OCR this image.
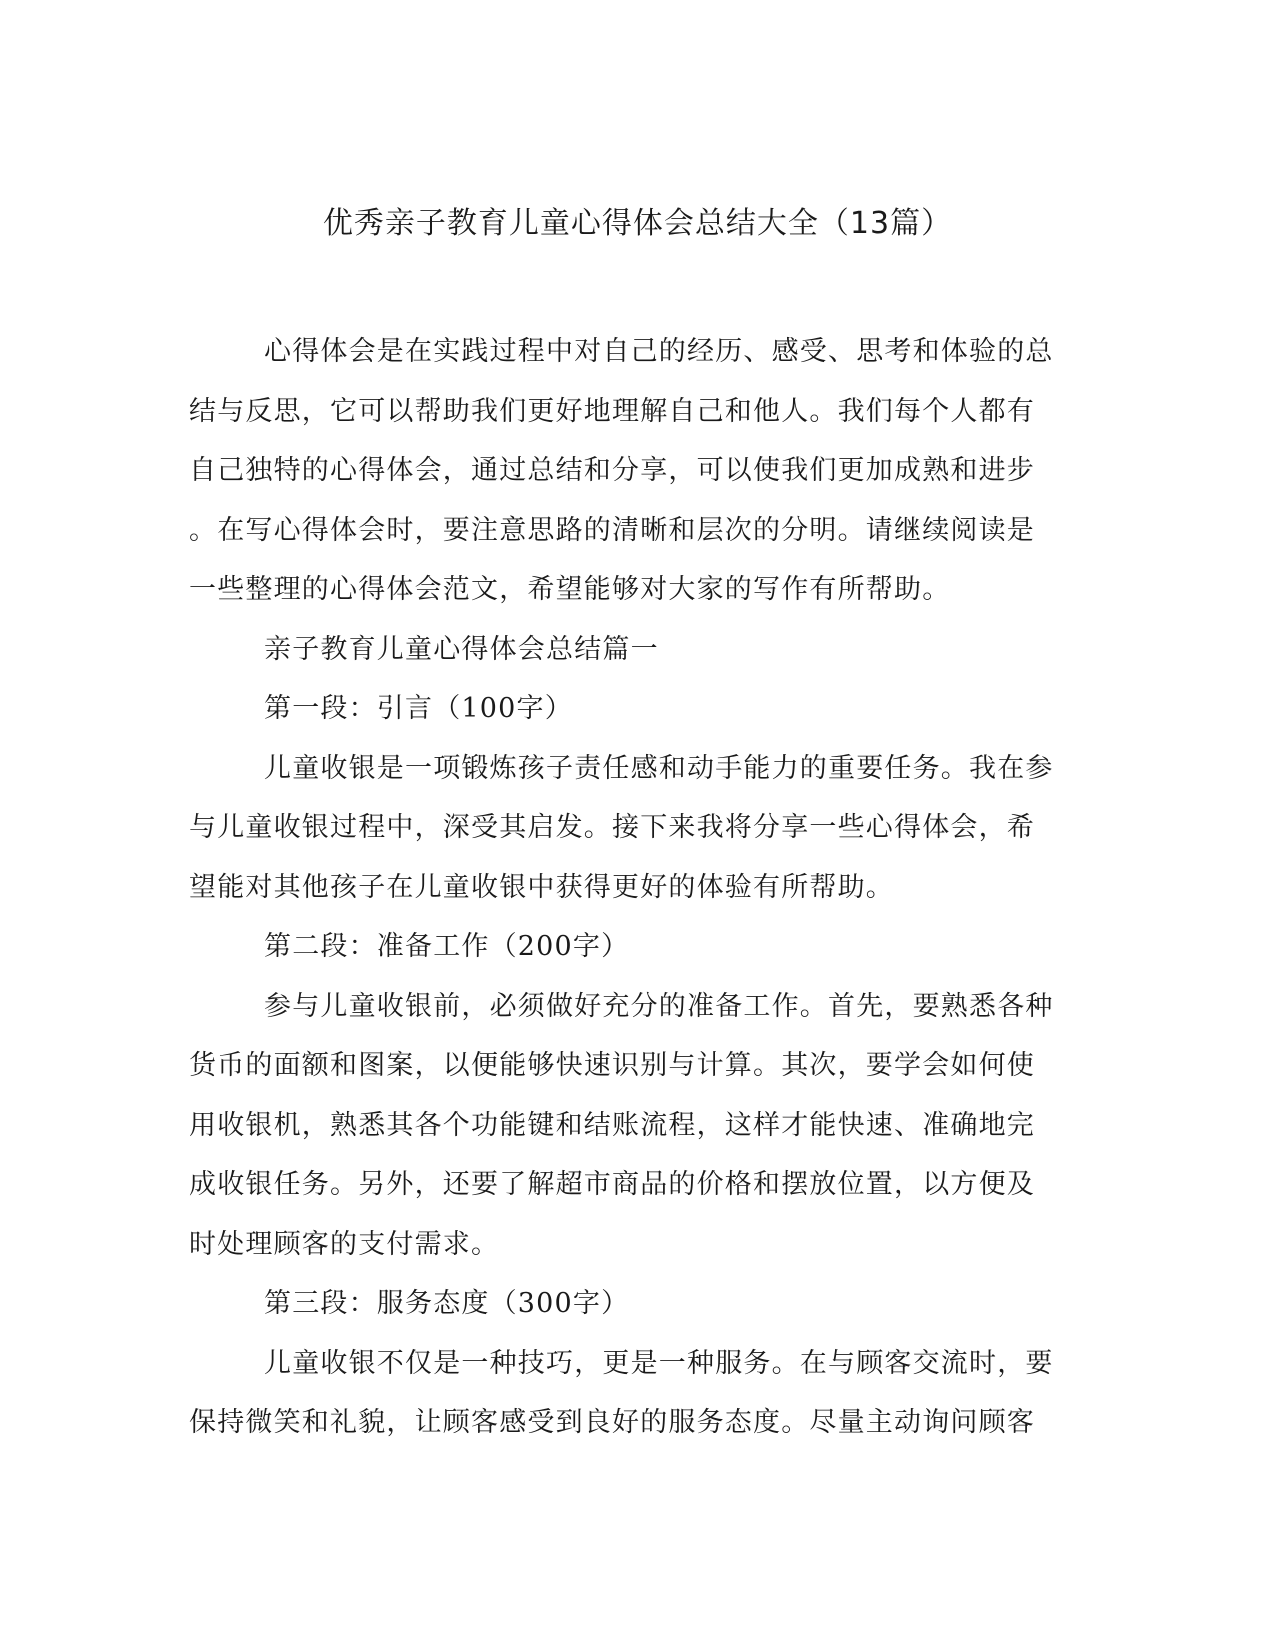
优秀亲子教育儿童心得体会总结大全（13篇）
心得体会是在实践过程中对自己的经历、感受、思考和体验的总
结与反思，它可以帮助我们更好地理解自己和他人。我们每个人都有
自己独特的心得体会，通过总结和分享，可以使我们更加成熟和进步
。在写心得体会时，要注意思路的清晰和层次的分明。请继续阅读是
一些整理的心得体会范文，希望能够对大家的写作有所帮助。
亲子教育儿童心得体会总结篇一
第一段：引言（100字）
儿童收银是一项锻炼孩子责任感和动手能力的重要任务。我在参
与儿童收银过程中，深受其启发。接下来我将分享一些心得体会，希
望能对其他孩子在儿童收银中获得更好的体验有所帮助。
第二段：准备工作（200字）
参与儿童收银前，必须做好充分的准备工作。首先，要熟悉各种
货币的面额和图案，以便能够快速识别与计算。其次，要学会如何使
用收银机，熟悉其各个功能键和结账流程，这样才能快速、准确地完
成收银任务。另外，还要了解超市商品的价格和摆放位置，以方便及
时处理顾客的支付需求。
第三段：服务态度（300字）
儿童收银不仅是一种技巧，更是一种服务。在与顾客交流时，要
保持微笑和礼貌，让顾客感受到良好的服务态度。尽量主动询问顾客
